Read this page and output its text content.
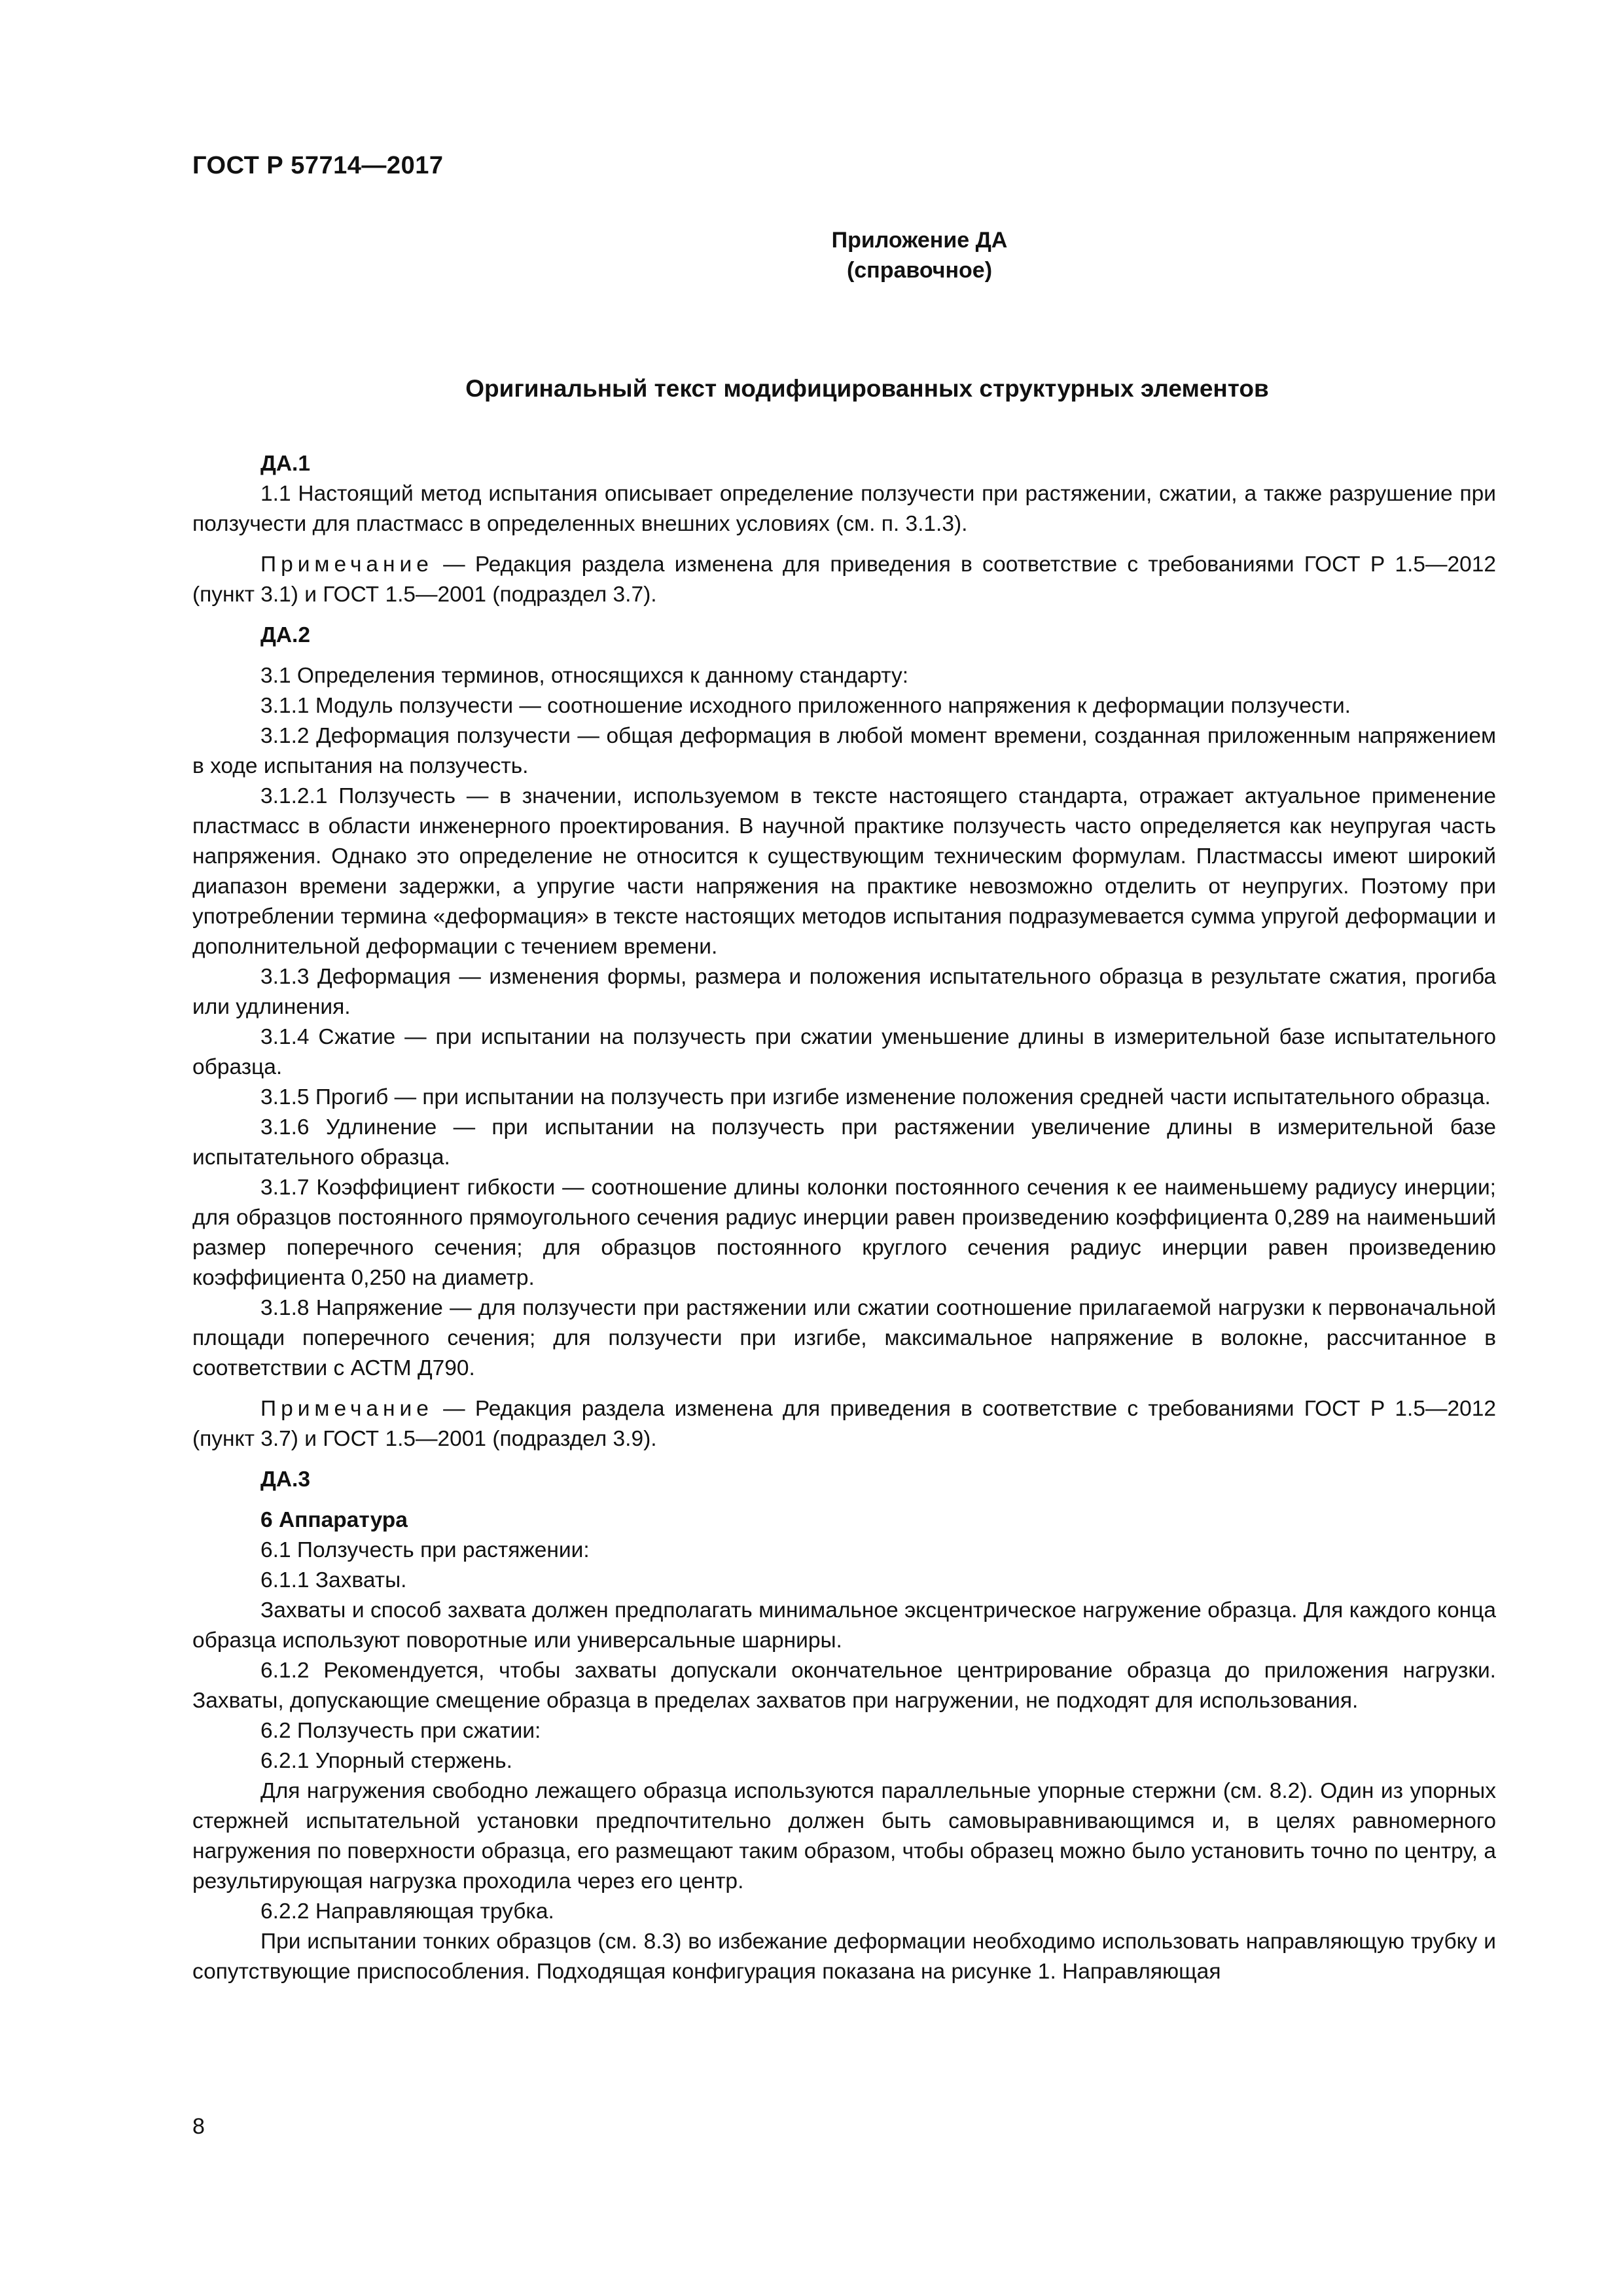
ГОСТ Р 57714—2017
Приложение ДА
(справочное)
Оригинальный текст модифицированных структурных элементов

ДА.1

1.1 Настоящий метод испытания описывает определение ползучести при растяжении, сжатии, а также разрушение при ползучести для пластмасс в определенных внешних условиях (см. п. 3.1.3).

Примечание — Редакция раздела изменена для приведения в соответствие с требованиями ГОСТ Р 1.5—2012 (пункт 3.1) и ГОСТ 1.5—2001 (подраздел 3.7).

ДА.2

3.1 Определения терминов, относящихся к данному стандарту:

3.1.1 Модуль ползучести — соотношение исходного приложенного напряжения к деформации ползучести.

3.1.2 Деформация ползучести — общая деформация в любой момент времени, созданная приложенным напряжением в ходе испытания на ползучесть.

3.1.2.1 Ползучесть — в значении, используемом в тексте настоящего стандарта, отражает актуальное применение пластмасс в области инженерного проектирования. В научной практике ползучесть часто определяется как неупругая часть напряжения. Однако это определение не относится к существующим техническим формулам. Пластмассы имеют широкий диапазон времени задержки, а упругие части напряжения на практике невозможно отделить от неупругих. Поэтому при употреблении термина «деформация» в тексте настоящих методов испытания подразумевается сумма упругой деформации и дополнительной деформации с течением времени.

3.1.3 Деформация — изменения формы, размера и положения испытательного образца в результате сжатия, прогиба или удлинения.

3.1.4 Сжатие — при испытании на ползучесть при сжатии уменьшение длины в измерительной базе испытательного образца.

3.1.5 Прогиб — при испытании на ползучесть при изгибе изменение положения средней части испытательного образца.

3.1.6 Удлинение — при испытании на ползучесть при растяжении увеличение длины в измерительной базе испытательного образца.

3.1.7 Коэффициент гибкости — соотношение длины колонки постоянного сечения к ее наименьшему радиусу инерции; для образцов постоянного прямоугольного сечения радиус инерции равен произведению коэффициента 0,289 на наименьший размер поперечного сечения; для образцов постоянного круглого сечения радиус инерции равен произведению коэффициента 0,250 на диаметр.

3.1.8 Напряжение — для ползучести при растяжении или сжатии соотношение прилагаемой нагрузки к первоначальной площади поперечного сечения; для ползучести при изгибе, максимальное напряжение в волокне, рассчитанное в соответствии с АСТМ Д790.

Примечание — Редакция раздела изменена для приведения в соответствие с требованиями ГОСТ Р 1.5—2012 (пункт 3.7) и ГОСТ 1.5—2001 (подраздел 3.9).

ДА.3

6 Аппаратура

6.1 Ползучесть при растяжении:

6.1.1 Захваты.

Захваты и способ захвата должен предполагать минимальное эксцентрическое нагружение образца. Для каждого конца образца используют поворотные или универсальные шарниры.

6.1.2 Рекомендуется, чтобы захваты допускали окончательное центрирование образца до приложения нагрузки. Захваты, допускающие смещение образца в пределах захватов при нагружении, не подходят для использования.

6.2 Ползучесть при сжатии:

6.2.1 Упорный стержень.

Для нагружения свободно лежащего образца используются параллельные упорные стержни (см. 8.2). Один из упорных стержней испытательной установки предпочтительно должен быть самовыравнивающимся и, в целях равномерного нагружения по поверхности образца, его размещают таким образом, чтобы образец можно было установить точно по центру, а результирующая нагрузка проходила через его центр.

6.2.2 Направляющая трубка.

При испытании тонких образцов (см. 8.3) во избежание деформации необходимо использовать направляющую трубку и сопутствующие приспособления. Подходящая конфигурация показана на рисунке 1. Направляющая

8
